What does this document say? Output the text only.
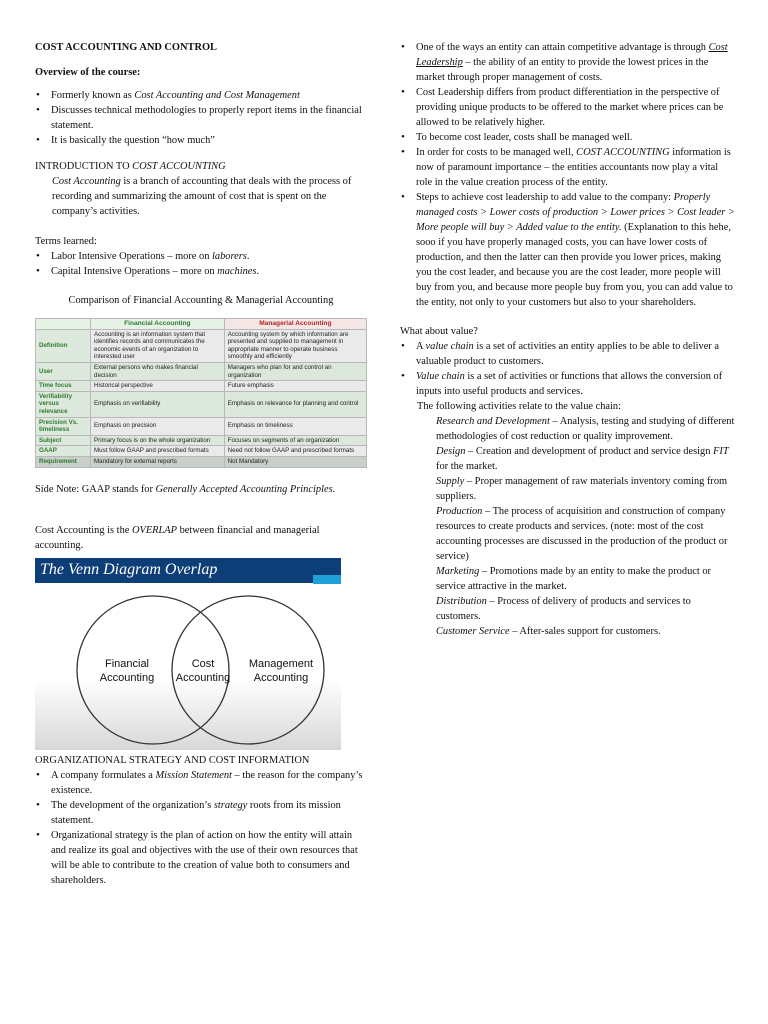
COST ACCOUNTING AND CONTROL

Overview of the course:

• Formerly known as Cost Accounting and Cost Management
• Discusses technical methodologies to properly report items in the financial statement.
• It is basically the question “how much”

INTRODUCTION TO COST ACCOUNTING

Cost Accounting is a branch of accounting that deals with the process of recording and summarizing the amount of cost that is spent on the company’s activities.

Terms learned:

• Labor Intensive Operations – more on laborers.
• Capital Intensive Operations – more on machines.

Comparison of Financial Accounting & Managerial Accounting

	Financial Accounting	Managerial Accounting
Definition	Accounting is an information system that identifies records and communicates the economic events of an organization to interested user	Accounting system by which information are presented and supplied to management in appropriate manner to operate business smoothly and efficiently
User	External persons who makes financial decision	Managers who plan for and control an organization
Time focus	Historical perspective	Future emphasis
Verifiability versus relevance	Emphasis on verifiability	Emphasis on relevance for planning and control
Precision Vs. timeliness	Emphasis on precision	Emphasis on timeliness
Subject	Primary focus is on the whole organization	Focuses on segments of an organization
GAAP	Must follow GAAP and prescribed formats	Need not follow GAAP and prescribed formats
Requirement	Mandatory for external reports	Not Mandatory

Side Note: GAAP stands for Generally Accepted Accounting Principles.

Cost Accounting is the OVERLAP between financial and managerial accounting.

The Venn Diagram Overlap
Financial
Accounting
Cost
Accounting
Management
Accounting

ORGANIZATIONAL STRATEGY AND COST INFORMATION

• A company formulates a Mission Statement – the reason for the company’s existence.
• The development of the organization’s strategy roots from its mission statement.
• Organizational strategy is the plan of action on how the entity will attain and realize its goal and objectives with the use of their own resources that will be able to contribute to the creation of value both to consumers and shareholders.
• One of the ways an entity can attain competitive advantage is through Cost Leadership – the ability of an entity to provide the lowest prices in the market through proper management of costs.
• Cost Leadership differs from product differentiation in the perspective of providing unique products to be offered to the market where prices can be allowed to be relatively higher.
• To become cost leader, costs shall be managed well.
• In order for costs to be managed well, COST ACCOUNTING information is now of paramount importance – the entities accountants now play a vital role in the value creation process of the entity.
• Steps to achieve cost leadership to add value to the company: Properly managed costs > Lower costs of production > Lower prices > Cost leader > More people will buy > Added value to the entity. (Explanation to this hehe, sooo if you have properly managed costs, you can have lower costs of production, and then the latter can then provide you lower prices, making you the cost leader, and because you are the cost leader, more people will buy from you, and because more people buy from you, you can add value to the entity, not only to your customers but also to your shareholders.

What about value?

• A value chain is a set of activities an entity applies to be able to deliver a valuable product to customers.
• Value chain is a set of activities or functions that allows the conversion of inputs into useful products and services.

The following activities relate to the value chain:

Research and Development – Analysis, testing and studying of different methodologies of cost reduction or quality improvement.

Design – Creation and development of product and service design FIT for the market.

Supply – Proper management of raw materials inventory coming from suppliers.

Production – The process of acquisition and construction of company resources to create products and services. (note: most of the cost accounting processes are discussed in the production of the product or service)

Marketing – Promotions made by an entity to make the product or service attractive in the market.

Distribution – Process of delivery of products and services to customers.

Customer Service – After-sales support for customers.
